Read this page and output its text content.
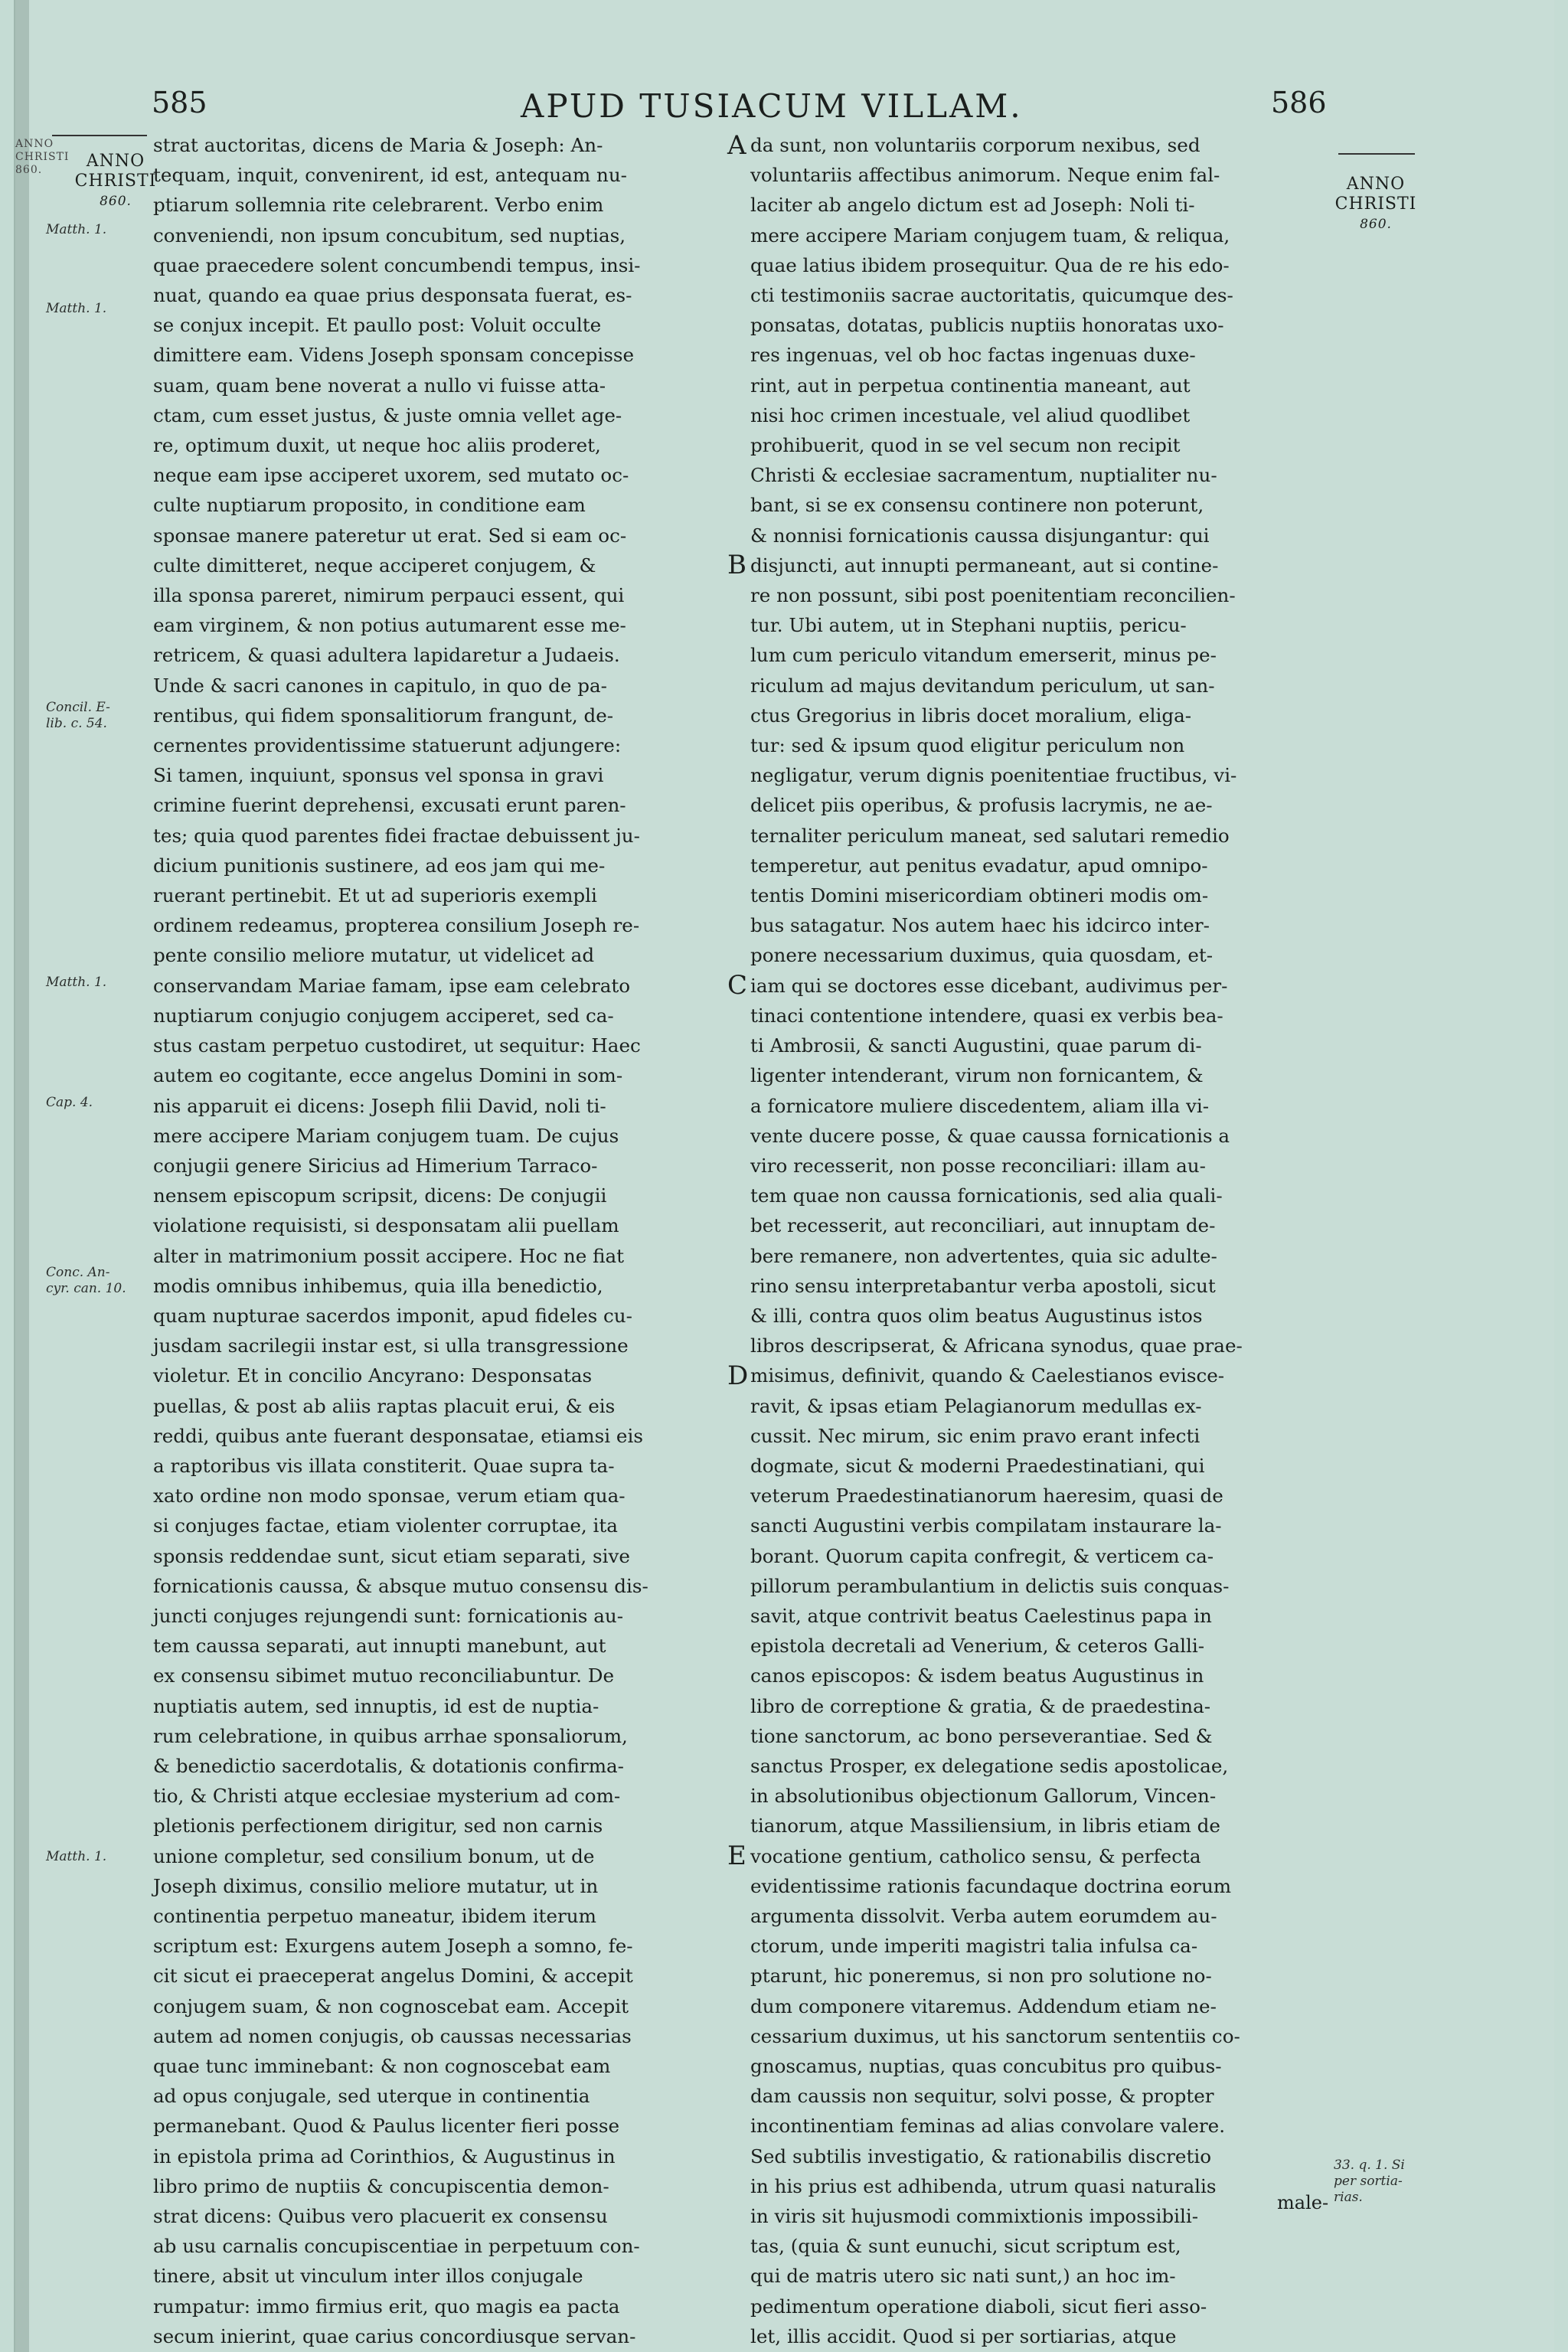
ANNO
CHRISTI
860.
585	APUD TUSIACUM VILLAM.	586
ANNO
CHRISTI
860.
ANNO
CHRISTI
860.
Matth. 1.
Matth. 1.
Concil. E-
lib. c. 54.
Matth. 1.
Cap. 4.
Conc. An-
cyr. can. 10.
Matth. 1.
33. q. 1. Si
per sortia-
rias.
A
B
C
D
E
strat auctoritas, dicens de Maria & Joseph: An-
tequam, inquit, convenirent, id est, antequam nu-
ptiarum sollemnia rite celebrarent. Verbo enim
conveniendi, non ipsum concubitum, sed nuptias,
quae praecedere solent concumbendi tempus, insi-
nuat, quando ea quae prius desponsata fuerat, es-
se conjux incepit. Et paullo post: Voluit occulte
dimittere eam. Videns Joseph sponsam concepisse
suam, quam bene noverat a nullo vi fuisse atta-
ctam, cum esset justus, & juste omnia vellet age-
re, optimum duxit, ut neque hoc aliis proderet,
neque eam ipse acciperet uxorem, sed mutato oc-
culte nuptiarum proposito, in conditione eam
sponsae manere pateretur ut erat. Sed si eam oc-
culte dimitteret, neque acciperet conjugem, &
illa sponsa pareret, nimirum perpauci essent, qui
eam virginem, & non potius autumarent esse me-
retricem, & quasi adultera lapidaretur a Judaeis.
Unde & sacri canones in capitulo, in quo de pa-
rentibus, qui fidem sponsalitiorum frangunt, de-
cernentes providentissime statuerunt adjungere:
Si tamen, inquiunt, sponsus vel sponsa in gravi
crimine fuerint deprehensi, excusati erunt paren-
tes; quia quod parentes fidei fractae debuissent ju-
dicium punitionis sustinere, ad eos jam qui me-
ruerant pertinebit. Et ut ad superioris exempli
ordinem redeamus, propterea consilium Joseph re-
pente consilio meliore mutatur, ut videlicet ad
conservandam Mariae famam, ipse eam celebrato
nuptiarum conjugio conjugem acciperet, sed ca-
stus castam perpetuo custodiret, ut sequitur: Haec
autem eo cogitante, ecce angelus Domini in som-
nis apparuit ei dicens: Joseph filii David, noli ti-
mere accipere Mariam conjugem tuam. De cujus
conjugii genere Siricius ad Himerium Tarraco-
nensem episcopum scripsit, dicens: De conjugii
violatione requisisti, si desponsatam alii puellam
alter in matrimonium possit accipere. Hoc ne fiat
modis omnibus inhibemus, quia illa benedictio,
quam nupturae sacerdos imponit, apud fideles cu-
jusdam sacrilegii instar est, si ulla transgressione
violetur. Et in concilio Ancyrano: Desponsatas
puellas, & post ab aliis raptas placuit erui, & eis
reddi, quibus ante fuerant desponsatae, etiamsi eis
a raptoribus vis illata constiterit. Quae supra ta-
xato ordine non modo sponsae, verum etiam qua-
si conjuges factae, etiam violenter corruptae, ita
sponsis reddendae sunt, sicut etiam separati, sive
fornicationis caussa, & absque mutuo consensu dis-
juncti conjuges rejungendi sunt: fornicationis au-
tem caussa separati, aut innupti manebunt, aut
ex consensu sibimet mutuo reconciliabuntur. De
nuptiatis autem, sed innuptis, id est de nuptia-
rum celebratione, in quibus arrhae sponsaliorum,
& benedictio sacerdotalis, & dotationis confirma-
tio, & Christi atque ecclesiae mysterium ad com-
pletionis perfectionem dirigitur, sed non carnis
unione completur, sed consilium bonum, ut de
Joseph diximus, consilio meliore mutatur, ut in
continentia perpetuo maneatur, ibidem iterum
scriptum est: Exurgens autem Joseph a somno, fe-
cit sicut ei praeceperat angelus Domini, & accepit
conjugem suam, & non cognoscebat eam. Accepit
autem ad nomen conjugis, ob caussas necessarias
quae tunc imminebant: & non cognoscebat eam
ad opus conjugale, sed uterque in continentia
permanebant. Quod & Paulus licenter fieri posse
in epistola prima ad Corinthios, & Augustinus in
libro primo de nuptiis & concupiscentia demon-
strat dicens: Quibus vero placuerit ex consensu
ab usu carnalis concupiscentiae in perpetuum con-
tinere, absit ut vinculum inter illos conjugale
rumpatur: immo firmius erit, quo magis ea pacta
secum inierint, quae carius concordiusque servan-
da sunt, non voluntariis corporum nexibus, sed
voluntariis affectibus animorum. Neque enim fal-
laciter ab angelo dictum est ad Joseph: Noli ti-
mere accipere Mariam conjugem tuam, & reliqua,
quae latius ibidem prosequitur. Qua de re his edo-
cti testimoniis sacrae auctoritatis, quicumque des-
ponsatas, dotatas, publicis nuptiis honoratas uxo-
res ingenuas, vel ob hoc factas ingenuas duxe-
rint, aut in perpetua continentia maneant, aut
nisi hoc crimen incestuale, vel aliud quodlibet
prohibuerit, quod in se vel secum non recipit
Christi & ecclesiae sacramentum, nuptialiter nu-
bant, si se ex consensu continere non poterunt,
& nonnisi fornicationis caussa disjungantur: qui
disjuncti, aut innupti permaneant, aut si contine-
re non possunt, sibi post poenitentiam reconcilien-
tur. Ubi autem, ut in Stephani nuptiis, pericu-
lum cum periculo vitandum emerserit, minus pe-
riculum ad majus devitandum periculum, ut san-
ctus Gregorius in libris docet moralium, eliga-
tur: sed & ipsum quod eligitur periculum non
negligatur, verum dignis poenitentiae fructibus, vi-
delicet piis operibus, & profusis lacrymis, ne ae-
ternaliter periculum maneat, sed salutari remedio
temperetur, aut penitus evadatur, apud omnipo-
tentis Domini misericordiam obtineri modis om-
bus satagatur. Nos autem haec his idcirco inter-
ponere necessarium duximus, quia quosdam, et-
iam qui se doctores esse dicebant, audivimus per-
tinaci contentione intendere, quasi ex verbis bea-
ti Ambrosii, & sancti Augustini, quae parum di-
ligenter intenderant, virum non fornicantem, &
a fornicatore muliere discedentem, aliam illa vi-
vente ducere posse, & quae caussa fornicationis a
viro recesserit, non posse reconciliari: illam au-
tem quae non caussa fornicationis, sed alia quali-
bet recesserit, aut reconciliari, aut innuptam de-
bere remanere, non advertentes, quia sic adulte-
rino sensu interpretabantur verba apostoli, sicut
& illi, contra quos olim beatus Augustinus istos
libros descripserat, & Africana synodus, quae prae-
misimus, definivit, quando & Caelestianos evisce-
ravit, & ipsas etiam Pelagianorum medullas ex-
cussit. Nec mirum, sic enim pravo erant infecti
dogmate, sicut & moderni Praedestinatiani, qui
veterum Praedestinatianorum haeresim, quasi de
sancti Augustini verbis compilatam instaurare la-
borant. Quorum capita confregit, & verticem ca-
pillorum perambulantium in delictis suis conquas-
savit, atque contrivit beatus Caelestinus papa in
epistola decretali ad Venerium, & ceteros Galli-
canos episcopos: & isdem beatus Augustinus in
libro de correptione & gratia, & de praedestina-
tione sanctorum, ac bono perseverantiae. Sed &
sanctus Prosper, ex delegatione sedis apostolicae,
in absolutionibus objectionum Gallorum, Vincen-
tianorum, atque Massiliensium, in libris etiam de
vocatione gentium, catholico sensu, & perfecta
evidentissime rationis facundaque doctrina eorum
argumenta dissolvit. Verba autem eorumdem au-
ctorum, unde imperiti magistri talia infulsa ca-
ptarunt, hic poneremus, si non pro solutione no-
dum componere vitaremus. Addendum etiam ne-
cessarium duximus, ut his sanctorum sententiis co-
gnoscamus, nuptias, quas concubitus pro quibus-
dam caussis non sequitur, solvi posse, & propter
incontinentiam feminas ad alias convolare valere.
Sed subtilis investigatio, & rationabilis discretio
in his prius est adhibenda, utrum quasi naturalis
in viris sit hujusmodi commixtionis impossibili-
tas, (quia & sunt eunuchi, sicut scriptum est,
qui de matris utero sic nati sunt,) an hoc im-
pedimentum operatione diaboli, sicut fieri asso-
let, illis accidit. Quod si per sortiarias, atque
male-
